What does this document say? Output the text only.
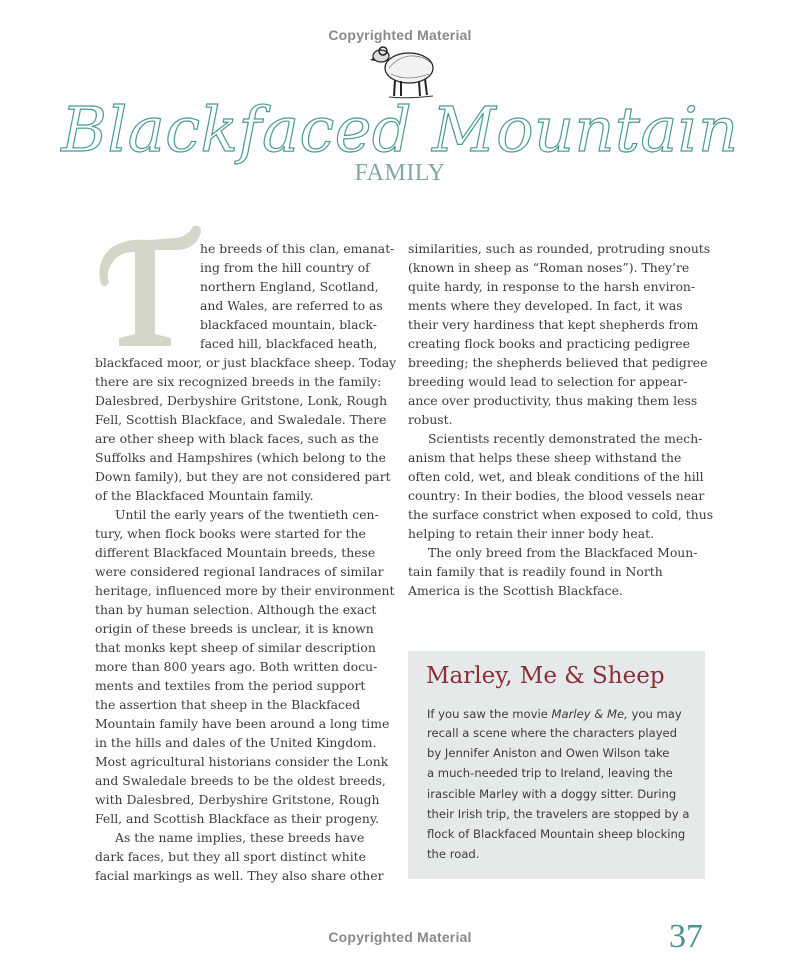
Copyrighted Material
Blackfaced Mountain
FAMILY
he breeds of this clan, emanat-
ing from the hill country of
northern England, Scotland,
and Wales, are referred to as
blackfaced mountain, black-
faced hill, blackfaced heath,
blackfaced moor, or just blackface sheep. Today
there are six recognized breeds in the family:
Dalesbred, Derbyshire Gritstone, Lonk, Rough
Fell, Scottish Blackface, and Swaledale. There
are other sheep with black faces, such as the
Suffolks and Hampshires (which belong to the
Down family), but they are not considered part
of the Blackfaced Mountain family.
Until the early years of the twentieth cen-
tury, when flock books were started for the
different Blackfaced Mountain breeds, these
were considered regional landraces of similar
heritage, influenced more by their environment
than by human selection. Although the exact
origin of these breeds is unclear, it is known
that monks kept sheep of similar description
more than 800 years ago. Both written docu-
ments and textiles from the period support
the assertion that sheep in the Blackfaced
Mountain family have been around a long time
in the hills and dales of the United Kingdom.
Most agricultural historians consider the Lonk
and Swaledale breeds to be the oldest breeds,
with Dalesbred, Derbyshire Gritstone, Rough
Fell, and Scottish Blackface as their progeny.
As the name implies, these breeds have
dark faces, but they all sport distinct white
facial markings as well. They also share other
similarities, such as rounded, protruding snouts
(known in sheep as “Roman noses”). They’re
quite hardy, in response to the harsh environ-
ments where they developed. In fact, it was
their very hardiness that kept shepherds from
creating flock books and practicing pedigree
breeding; the shepherds believed that pedigree
breeding would lead to selection for appear-
ance over productivity, thus making them less
robust.
Scientists recently demonstrated the mech-
anism that helps these sheep withstand the
often cold, wet, and bleak conditions of the hill
country: In their bodies, the blood vessels near
the surface constrict when exposed to cold, thus
helping to retain their inner body heat.
The only breed from the Blackfaced Moun-
tain family that is readily found in North
America is the Scottish Blackface.
Marley, Me & Sheep
If you saw the movie Marley & Me, you may
recall a scene where the characters played
by Jennifer Aniston and Owen Wilson take
a much-needed trip to Ireland, leaving the
irascible Marley with a doggy sitter. During
their Irish trip, the travelers are stopped by a
flock of Blackfaced Mountain sheep blocking
the road.
Copyrighted Material	37
